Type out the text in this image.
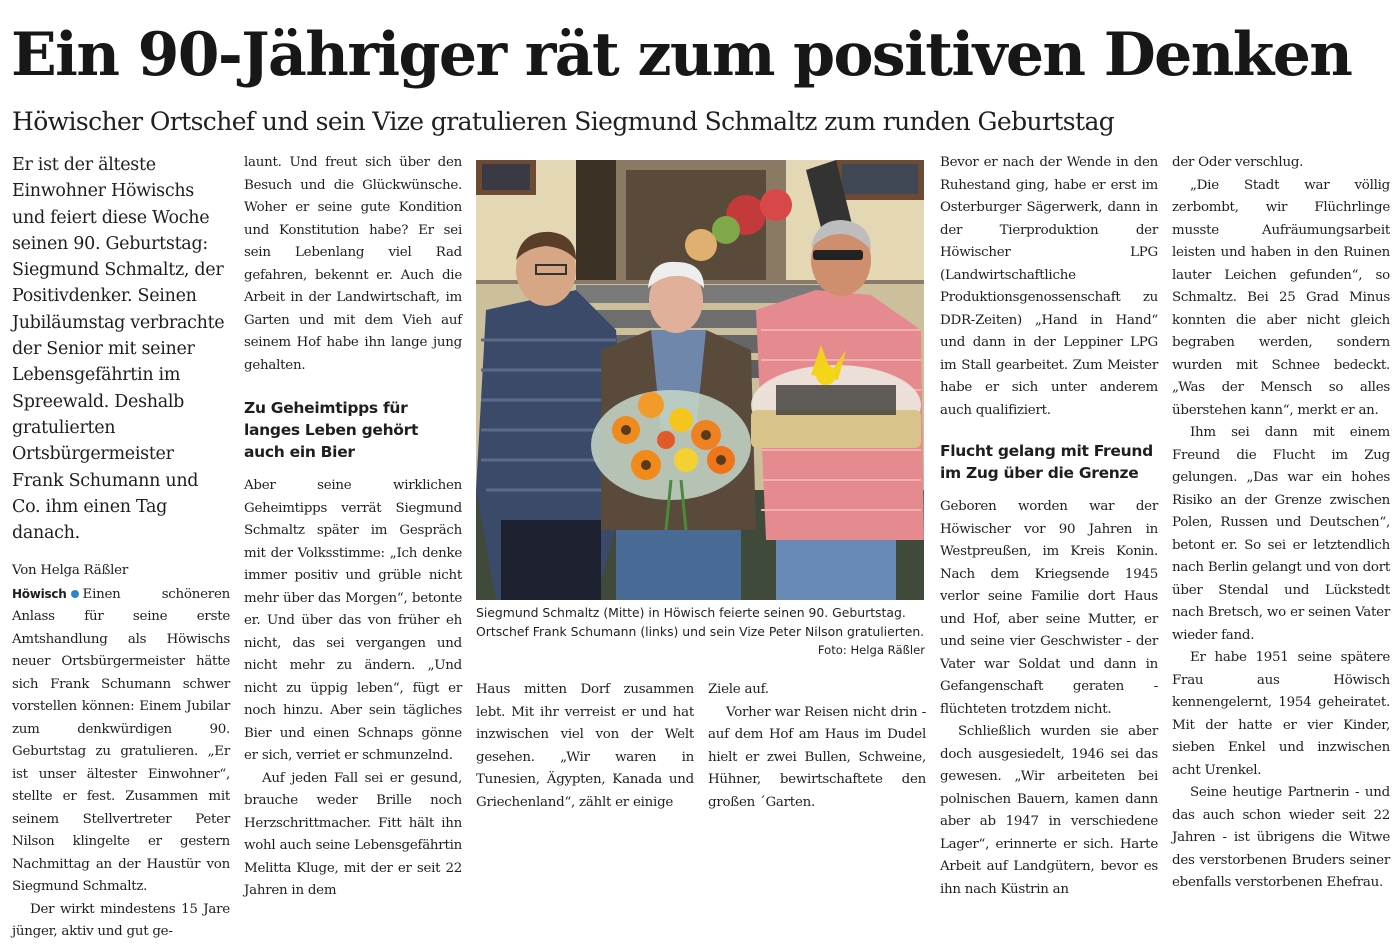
Ein 90-Jähriger rät zum positiven Denken
Höwischer Ortschef und sein Vize gratulieren Siegmund Schmaltz zum runden Geburtstag

Er ist der älteste Einwohner Höwischs und feiert diese Woche seinen 90. Geburtstag: Siegmund Schmaltz, der Positivdenker. Seinen Jubiläumstag verbrachte der Senior mit seiner Lebensgefährtin im Spreewald. Deshalb gratulierten Ortsbürgermeister Frank Schumann und Co. ihm einen Tag danach.

Von Helga Räßler

Höwisch Einen schöneren Anlass für seine erste Amtshandlung als Höwischs neuer Ortsbürgermeister hätte sich Frank Schumann schwer vorstellen können: Einem Jubilar zum denkwürdigen 90. Geburtstag zu gratulieren. „Er ist unser ältester Einwohner“, stellte er fest. Zusammen mit seinem Stellvertreter Peter Nilson klingelte er gestern Nachmittag an der Haustür von Siegmund Schmaltz.

Der wirkt mindestens 15 Jare jünger, aktiv und gut ge-

launt. Und freut sich über den Besuch und die Glückwünsche. Woher er seine gute Kondition und Konstitution habe? Er sei sein Lebenlang viel Rad gefahren, bekennt er. Auch die Arbeit in der Landwirtschaft, im Garten und mit dem Vieh auf seinem Hof habe ihn lange jung gehalten.

Zu Geheimtipps für langes Leben gehört auch ein Bier

Aber seine wirklichen Geheimtipps verrät Siegmund Schmaltz später im Gespräch mit der Volksstimme: „Ich denke immer positiv und grüble nicht mehr über das Morgen“, betonte er. Und über das von früher eh nicht, das sei vergangen und nicht mehr zu ändern. „Und nicht zu üppig leben“, fügt er noch hinzu. Aber sein tägliches Bier und einen Schnaps gönne er sich, verriet er schmunzelnd.

Auf jeden Fall sei er gesund, brauche weder Brille noch Herzschrittmacher. Fitt hält ihn wohl auch seine Lebensgefährtin Melitta Kluge, mit der er seit 22 Jahren in dem

Siegmund Schmaltz (Mitte) in Höwisch feierte seinen 90. Geburtstag. Ortschef Frank Schumann (links) und sein Vize Peter Nilson gratulierten.
Foto: Helga Räßler

Haus mitten Dorf zusammen lebt. Mit ihr verreist er und hat inzwischen viel von der Welt gesehen. „Wir waren in Tunesien, Ägypten, Kanada und Griechenland“, zählt er einige

Ziele auf.

Vorher war Reisen nicht drin - auf dem Hof am Haus im Dudel hielt er zwei Bullen, Schweine, Hühner, bewirtschaftete den großen ´Garten.

Bevor er nach der Wende in den Ruhestand ging, habe er erst im Osterburger Sägerwerk, dann in der Tierproduktion der Höwischer LPG (Landwirtschaftliche Produktionsgenossenschaft zu DDR-Zeiten) „Hand in Hand“ und dann in der Leppiner LPG im Stall gearbeitet. Zum Meister habe er sich unter anderem auch qualifiziert.

Flucht gelang mit Freund im Zug über die Grenze

Geboren worden war der Höwischer vor 90 Jahren in Westpreußen, im Kreis Konin. Nach dem Kriegsende 1945 verlor seine Familie dort Haus und Hof, aber seine Mutter, er und seine vier Geschwister - der Vater war Soldat und dann in Gefangenschaft geraten - flüchteten trotzdem nicht.

Schließlich wurden sie aber doch ausgesiedelt, 1946 sei das gewesen. „Wir arbeiteten bei polnischen Bauern, kamen dann aber ab 1947 in verschiedene Lager“, erinnerte er sich. Harte Arbeit auf Landgütern, bevor es ihn nach Küstrin an

der Oder verschlug.

„Die Stadt war völlig zerbombt, wir Flüchrlinge musste Aufräumungsarbeit leisten und haben in den Ruinen lauter Leichen gefunden“, so Schmaltz. Bei 25 Grad Minus konnten die aber nicht gleich begraben werden, sondern wurden mit Schnee bedeckt. „Was der Mensch so alles überstehen kann“, merkt er an.

Ihm sei dann mit einem Freund die Flucht im Zug gelungen. „Das war ein hohes Risiko an der Grenze zwischen Polen, Russen und Deutschen“, betont er. So sei er letztendlich nach Berlin gelangt und von dort über Stendal und Lückstedt nach Bretsch, wo er seinen Vater wieder fand.

Er habe 1951 seine spätere Frau aus Höwisch kennengelernt, 1954 geheiratet. Mit der hatte er vier Kinder, sieben Enkel und inzwischen acht Urenkel.

Seine heutige Partnerin - und das auch schon wieder seit 22 Jahren - ist übrigens die Witwe des verstorbenen Bruders seiner ebenfalls verstorbenen Ehefrau.
